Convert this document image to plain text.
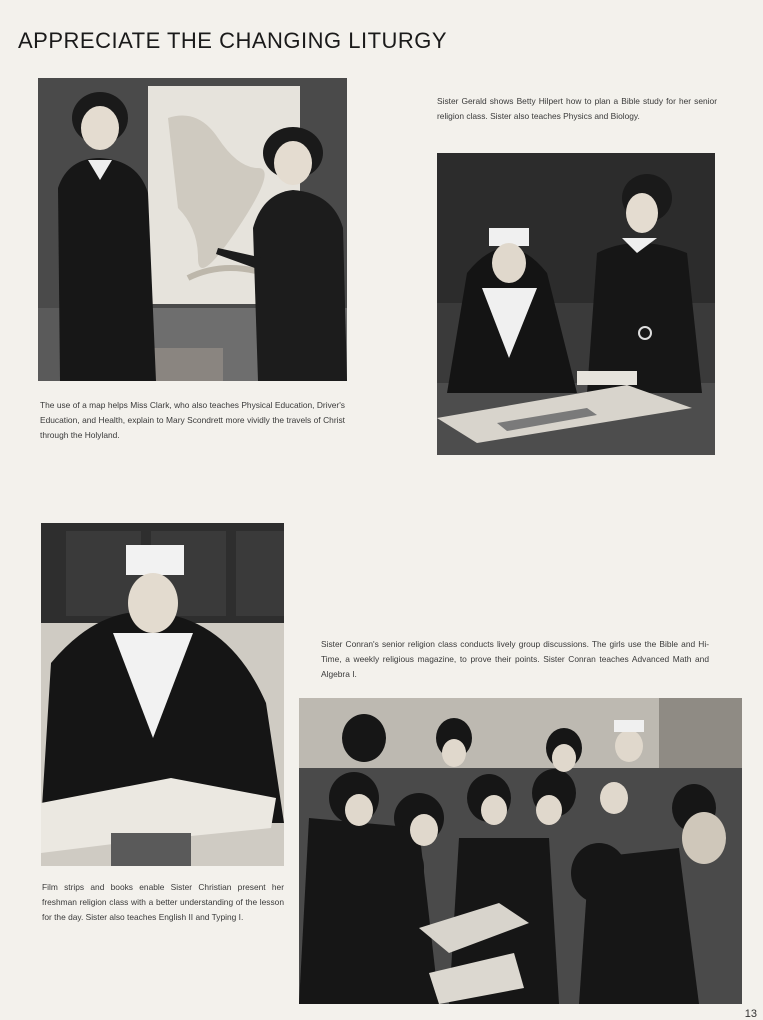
APPRECIATE THE CHANGING LITURGY
The use of a map helps Miss Clark, who also teaches Physical Education, Driver's Education, and Health, explain to Mary Scondrett more vividly the travels of Christ through the Holyland.
Sister Gerald shows Betty Hilpert how to plan a Bible study for her senior religion class. Sister also teaches Physics and Biology.
Film strips and books enable Sister Christian present her freshman religion class with a better understanding of the lesson for the day. Sister also teaches English II and Typing I.
Sister Conran's senior religion class conducts lively group discussions. The girls use the Bible and Hi-Time, a weekly religious magazine, to prove their points. Sister Conran teaches Advanced Math and Algebra I.
13
